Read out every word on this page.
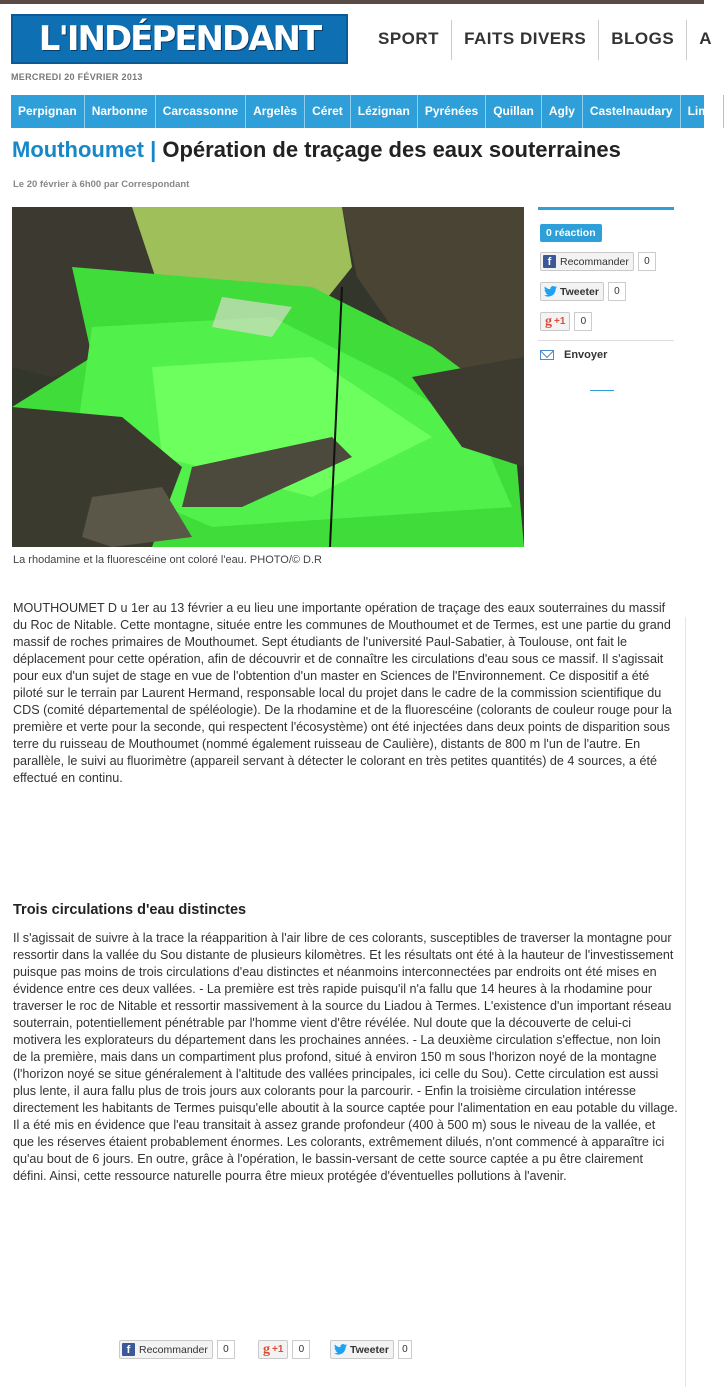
L'INDÉPENDANT	SPORT	FAITS DIVERS	BLOGS	A
MERCREDI 20 FÉVRIER 2013
Perpignan	Narbonne	Carcassonne	Argelès	Céret	Lézignan	Pyrénées	Quillan	Agly	Castelnaudary	Limo
Mouthoumet | Opération de traçage des eaux souterraines
Le 20 février à 6h00 par Correspondant
La rhodamine et la fluorescéine ont coloré l'eau. PHOTO/© D.R
0 réaction
f Recommander	0
Tweeter	0
g +1	0
Envoyer

MOUTHOUMET D u 1er au 13 février a eu lieu une importante opération de traçage des eaux souterraines du massif du Roc de Nitable. Cette montagne, située entre les communes de Mouthoumet et de Termes, est une partie du grand massif de roches primaires de Mouthoumet. Sept étudiants de l'université Paul-Sabatier, à Toulouse, ont fait le déplacement pour cette opération, afin de découvrir et de connaître les circulations d'eau sous ce massif. Il s'agissait pour eux d'un sujet de stage en vue de l'obtention d'un master en Sciences de l'Environnement. Ce dispositif a été piloté sur le terrain par Laurent Hermand, responsable local du projet dans le cadre de la commission scientifique du CDS (comité départemental de spéléologie). De la rhodamine et de la fluorescéine (colorants de couleur rouge pour la première et verte pour la seconde, qui respectent l'écosystème) ont été injectées dans deux points de disparition sous terre du ruisseau de Mouthoumet (nommé également ruisseau de Caulière), distants de 800 m l'un de l'autre. En parallèle, le suivi au fluorimètre (appareil servant à détecter le colorant en très petites quantités) de 4 sources, a été effectué en continu.

Trois circulations d'eau distinctes

Il s'agissait de suivre à la trace la réapparition à l'air libre de ces colorants, susceptibles de traverser la montagne pour ressortir dans la vallée du Sou distante de plusieurs kilomètres. Et les résultats ont été à la hauteur de l'investissement puisque pas moins de trois circulations d'eau distinctes et néanmoins interconnectées par endroits ont été mises en évidence entre ces deux vallées. - La première est très rapide puisqu'il n'a fallu que 14 heures à la rhodamine pour traverser le roc de Nitable et ressortir massivement à la source du Liadou à Termes. L'existence d'un important réseau souterrain, potentiellement pénétrable par l'homme vient d'être révélée. Nul doute que la découverte de celui-ci motivera les explorateurs du département dans les prochaines années. - La deuxième circulation s'effectue, non loin de la première, mais dans un compartiment plus profond, situé à environ 150 m sous l'horizon noyé de la montagne (l'horizon noyé se situe généralement à l'altitude des vallées principales, ici celle du Sou). Cette circulation est aussi plus lente, il aura fallu plus de trois jours aux colorants pour la parcourir. - Enfin la troisième circulation intéresse directement les habitants de Termes puisqu'elle aboutit à la source captée pour l'alimentation en eau potable du village. Il a été mis en évidence que l'eau transitait à assez grande profondeur (400 à 500 m) sous le niveau de la vallée, et que les réserves étaient probablement énormes. Les colorants, extrêmement dilués, n'ont commencé à apparaître ici qu'au bout de 6 jours. En outre, grâce à l'opération, le bassin-versant de cette source captée a pu être clairement défini. Ainsi, cette ressource naturelle pourra être mieux protégée d'éventuelles pollutions à l'avenir.

f Recommander	0	g +1	0	Tweeter	0
